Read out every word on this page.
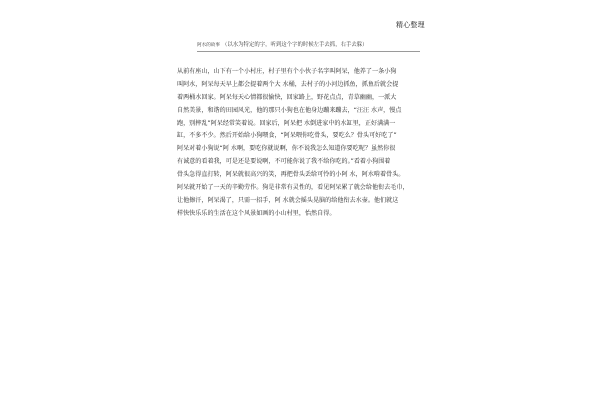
精心整理
阿水的故事 （以水为特定的字，听到这个字的时候左手去抓，右手去躲）
从前有座山，山下有一个小村庄，村子里有个小伙子名字叫阿呆，他养了一条小狗
叫阿水，阿呆每天早上都会提着两个大 水桶，去村子的小河边抓鱼，抓鱼后就会提
着两桶水回家。阿呆每天心情都很愉快，回家路上，野花点点，青草幽幽，一派大
自然美景，和谐的田园风光，他的那只小狗也在他身边蹦来蹦去，“汪汪 水声，慢点
跑，别摔乱”阿呆经常笑着说。回家后，阿呆把 水倒进家中的水缸里，正好满满一
缸，不多不少。然后开始给小狗喂食，“阿呆喂你吃骨头，要吃么？骨头可好吃了”
阿呆对着小狗说“阿 水啊，要吃你就说啊，你不说我怎么知道你要吃呢？虽然你很
有诚意的看着我，可是还是要说啊，不可能你说了我不给你吃的。”看着小狗围着
骨头急得直打转，阿呆就很高兴的笑，再把骨头丢给可怜的小阿 水，阿水啃着骨头。
阿呆就开始了一天的辛勤劳作。狗是非常有灵性的，看见阿呆累了就会给他衔去毛巾，
让他擦汗，阿呆渴了，只需一招手，阿 水就会摇头晃脑的给他衔去水壶。他们就这
样快快乐乐的生活在这个风景如画的小山村里，怡然自得。
